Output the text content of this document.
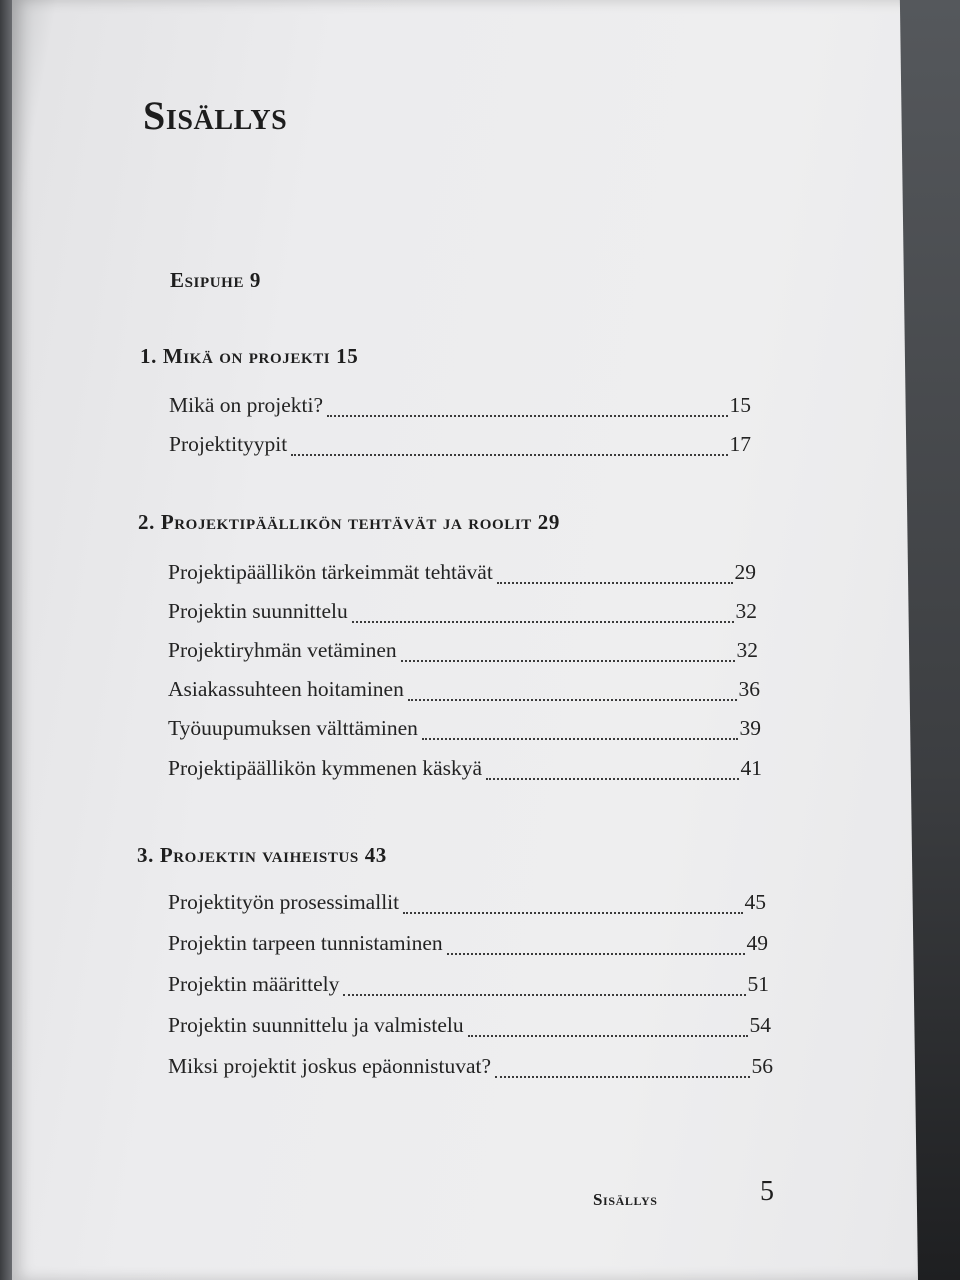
Sisällys
Esipuhe 9
1. Mikä on projekti 15
Mikä on projekti?	15
Projektityypit	17
2. Projektipäällikön tehtävät ja roolit 29
Projektipäällikön tärkeimmät tehtävät	29
Projektin suunnittelu	32
Projektiryhmän vetäminen	32
Asiakassuhteen hoitaminen	36
Työuupumuksen välttäminen	39
Projektipäällikön kymmenen käskyä	41
3. Projektin vaiheistus 43
Projektityön prosessimallit	45
Projektin tarpeen tunnistaminen	49
Projektin määrittely	51
Projektin suunnittelu ja valmistelu	54
Miksi projektit joskus epäonnistuvat?	56
Sisällys	5
